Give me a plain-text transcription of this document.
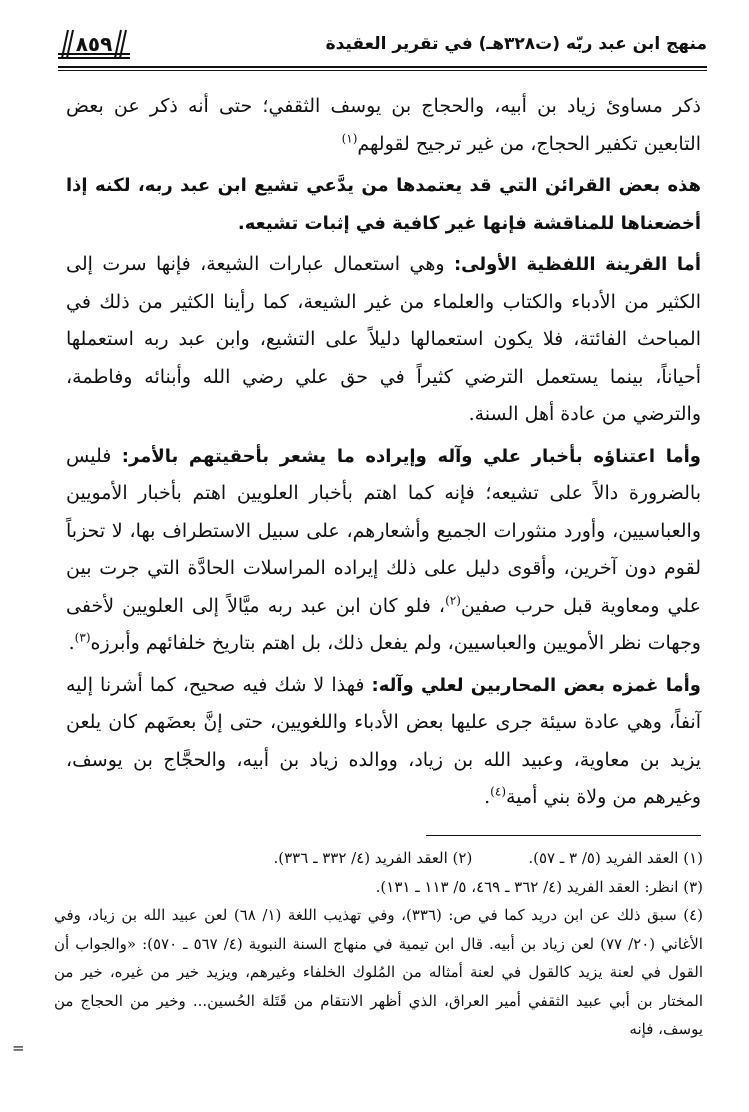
منهج ابن عبد ربّه (ت٣٢٨هـ) في تقرير العقيدة
٨٥٩

ذكر مساوئ زياد بن أبيه، والحجاج بن يوسف الثقفي؛ حتى أنه ذكر عن بعض التابعين تكفير الحجاج، من غير ترجيح لقولهم$^{(١)}$

هذه بعض القرائن التي قد يعتمدها من يدَّعي تشيع ابن عبد ربه، لكنه إذا أخضعناها للمناقشة فإنها غير كافية في إثبات تشيعه.

أما القرينة اللفظية الأولى: وهي استعمال عبارات الشيعة، فإنها سرت إلى الكثير من الأدباء والكتاب والعلماء من غير الشيعة، كما رأينا الكثير من ذلك في المباحث الفائتة، فلا يكون استعمالها دليلاً على التشيع، وابن عبد ربه استعملها أحياناً، بينما يستعمل الترضي كثيراً في حق علي رضي الله وأبنائه وفاطمة، والترضي من عادة أهل السنة.

وأما اعتناؤه بأخبار علي وآله وإيراده ما يشعر بأحقيتهم بالأمر: فليس بالضرورة دالاً على تشيعه؛ فإنه كما اهتم بأخبار العلويين اهتم بأخبار الأمويين والعباسيين، وأورد منثورات الجميع وأشعارهم، على سبيل الاستطراف بها، لا تحزباً لقوم دون آخرين، وأقوى دليل على ذلك إيراده المراسلات الحادَّة التي جرت بين علي ومعاوية قبل حرب صفين$^{(٢)}$، فلو كان ابن عبد ربه ميَّالاً إلى العلويين لأخفى وجهات نظر الأمويين والعباسيين، ولم يفعل ذلك، بل اهتم بتاريخ خلفائهم وأبرزه$^{(٣)}$.

وأما غمزه بعض المحاربين لعلي وآله: فهذا لا شك فيه صحيح، كما أشرنا إليه آنفاً، وهي عادة سيئة جرى عليها بعض الأدباء واللغويين، حتى إنَّ بعضَهم كان يلعن يزيد بن معاوية، وعبيد الله بن زياد، ووالده زياد بن أبيه، والحجَّاج بن يوسف، وغيرهم من ولاة بني أمية$^{(٤)}$.

(١) العقد الفريد (٥/ ٣ ـ ٥٧).
(٢) العقد الفريد (٤/ ٣٣٢ ـ ٣٣٦).
(٣) انظر: العقد الفريد (٤/ ٣٦٢ ـ ٤٦٩، ٥/ ١١٣ ـ ١٣١).
(٤) سبق ذلك عن ابن دريد كما في ص: (٣٣٦)، وفي تهذيب اللغة (١/ ٦٨) لعن عبيد الله بن زياد، وفي الأغاني (٢٠/ ٧٧) لعن زياد بن أبيه. قال ابن تيمية في منهاج السنة النبوية (٤/ ٥٦٧ ـ ٥٧٠): «والجواب أن القول في لعنة يزيد كالقول في لعنة أمثاله من المُلوك الخلفاء وغيرهم، ويزيد خير من غيره، خير من المختار بن أبي عبيد الثقفي أمير العراق، الذي أظهر الانتقام من قَتَلة الحُسين... وخير من الحجاج من يوسف، فإنه
=
